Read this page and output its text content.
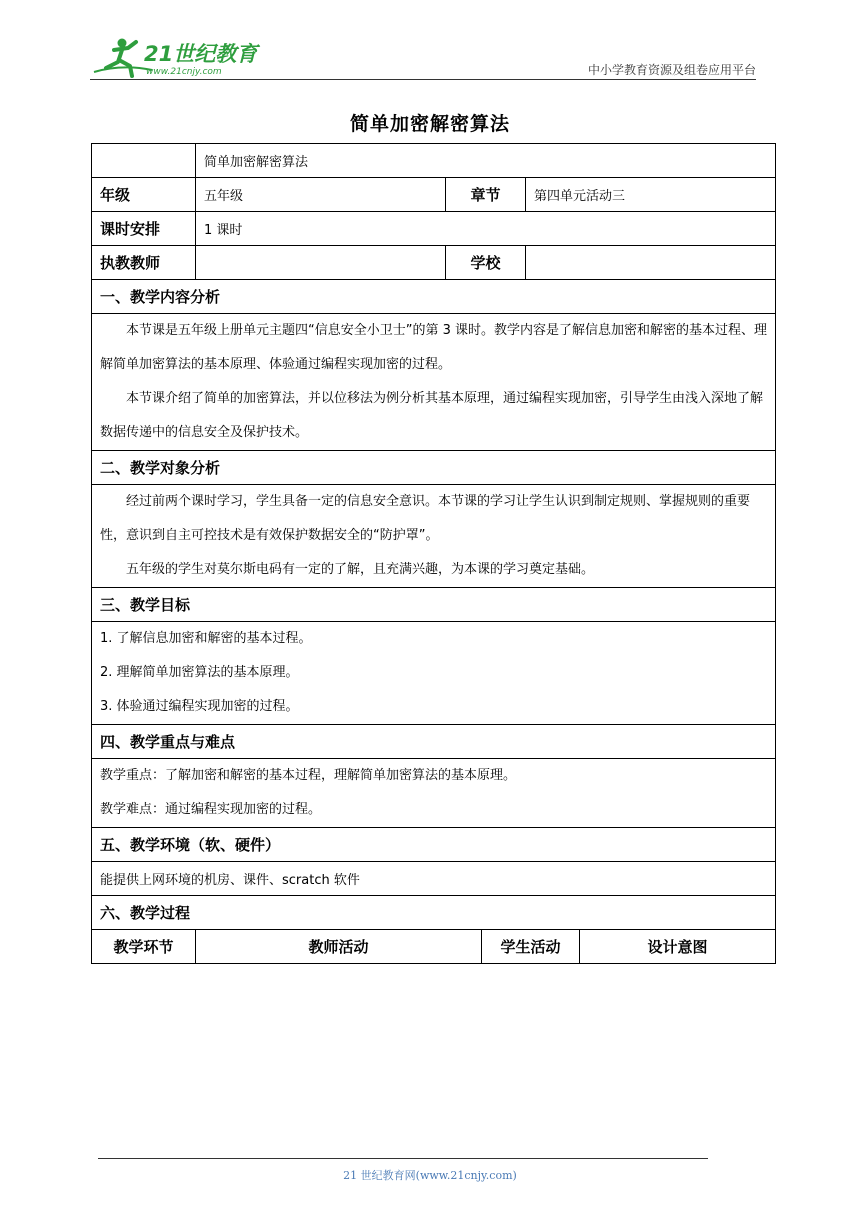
21世纪教育
www.21cnjy.com	中小学教育资源及组卷应用平台
简单加密解密算法
	简单加密解密算法				
年级	五年级	章节		第四单元活动三	
课时安排	1 课时				
执教教师		学校			
一、教学内容分析					

本节课是五年级上册单元主题四“信息安全小卫士”的第 3 课时。教学内容是了解信息加密和解密的基本过程、理解简单加密算法的基本原理、体验通过编程实现加密的过程。

本节课介绍了简单的加密算法，并以位移法为例分析其基本原理，通过编程实现加密，引导学生由浅入深地了解数据传递中的信息安全及保护技术。					

二、教学对象分析					

经过前两个课时学习，学生具备一定的信息安全意识。本节课的学习让学生认识到制定规则、掌握规则的重要性，意识到自主可控技术是有效保护数据安全的“防护罩”。

五年级的学生对莫尔斯电码有一定的了解，且充满兴趣，为本课的学习奠定基础。					

三、教学目标					

1. 了解信息加密和解密的基本过程。

2. 理解简单加密算法的基本原理。

3. 体验通过编程实现加密的过程。					

四、教学重点与难点					

教学重点：了解加密和解密的基本过程，理解简单加密算法的基本原理。

教学难点：通过编程实现加密的过程。					

五、教学环境（软、硬件）					
能提供上网环境的机房、课件、scratch 软件					
六、教学过程					
教学环节	教师活动		学生活动		设计意图
21 世纪教育网(www.21cnjy.com)
